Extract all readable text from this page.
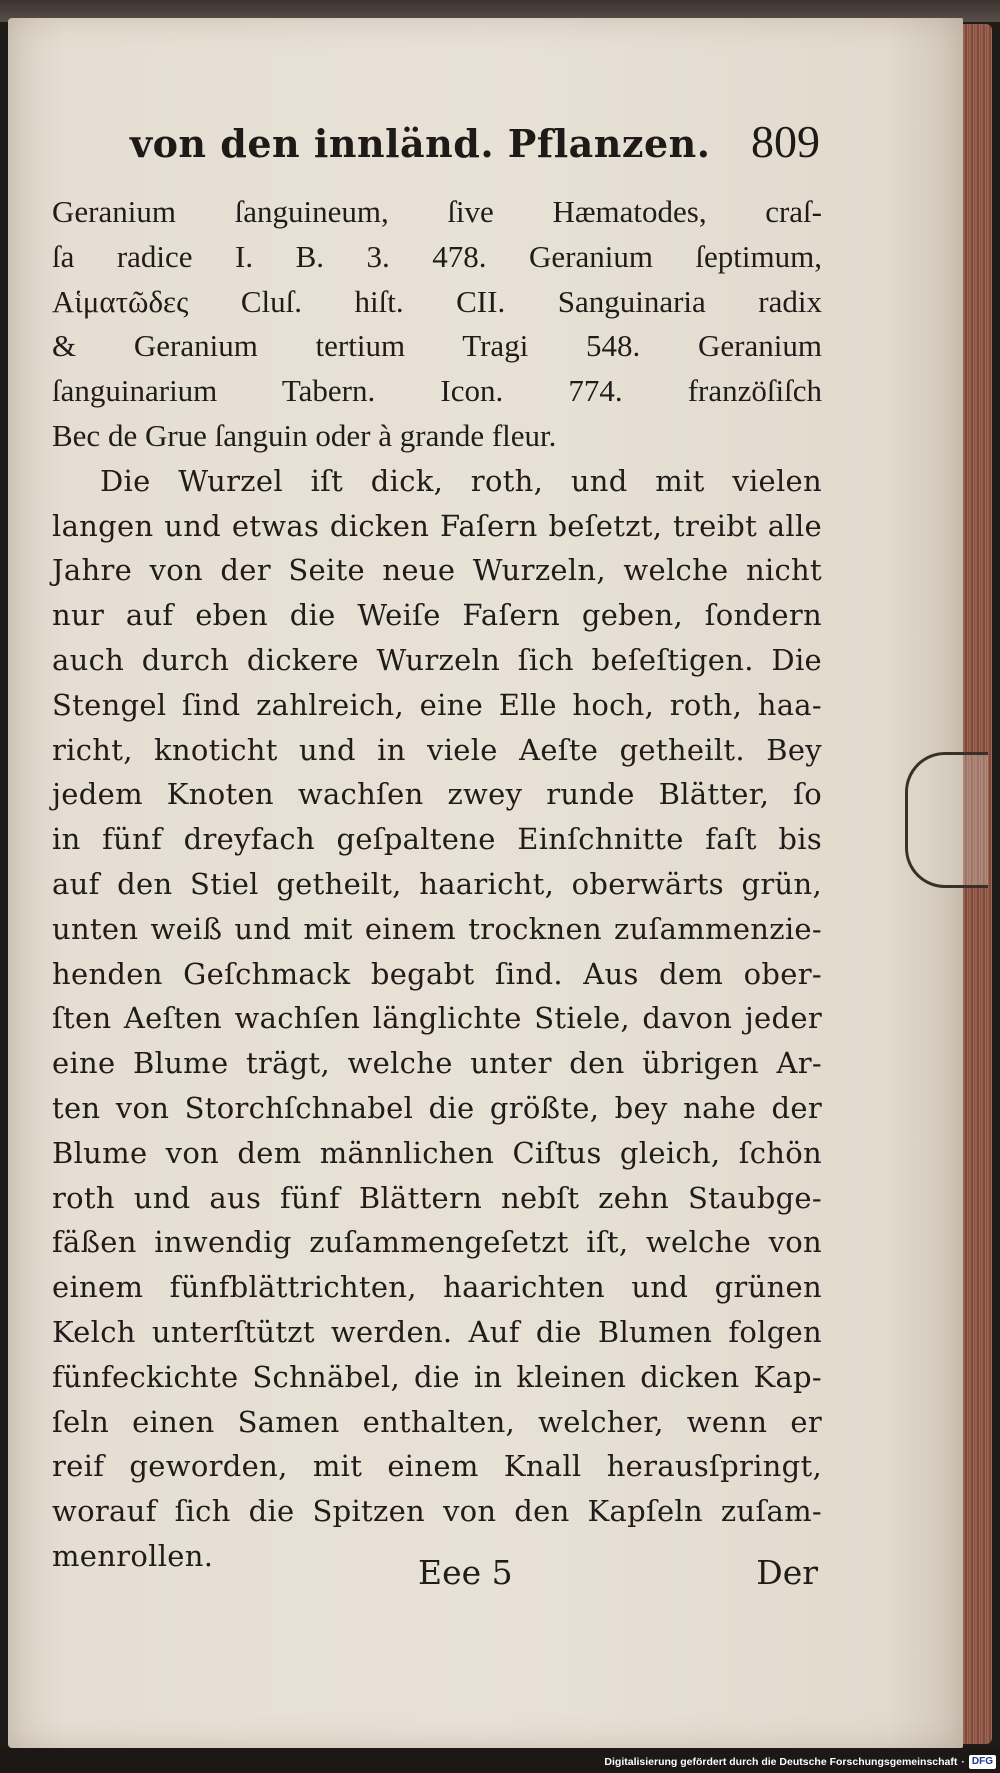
von den innländ. Pflanzen. 809
Geranium ſanguineum, ſive Hæmatodes, craſ-
ſa radice I. B. 3. 478. Geranium ſeptimum,
Αἱματῶδες Cluſ. hiſt. CII. Sanguinaria radix
& Geranium tertium Tragi 548. Geranium
ſanguinarium Tabern. Icon. 774. franzöſiſch
Bec de Grue ſanguin oder à grande fleur.
Die Wurzel iſt dick, roth, und mit vielen
langen und etwas dicken Faſern beſetzt, treibt alle
Jahre von der Seite neue Wurzeln, welche nicht
nur auf eben die Weiſe Faſern geben, ſondern
auch durch dickere Wurzeln ſich beſeſtigen. Die
Stengel ſind zahlreich, eine Elle hoch, roth, haa-
richt, knoticht und in viele Aeſte getheilt. Bey
jedem Knoten wachſen zwey runde Blätter, ſo
in fünf dreyfach geſpaltene Einſchnitte faſt bis
auf den Stiel getheilt, haaricht, oberwärts grün,
unten weiß und mit einem trocknen zuſammenzie-
henden Geſchmack begabt ſind. Aus dem ober-
ſten Aeſten wachſen länglichte Stiele, davon jeder
eine Blume trägt, welche unter den übrigen Ar-
ten von Storchſchnabel die größte, bey nahe der
Blume von dem männlichen Ciſtus gleich, ſchön
roth und aus fünf Blättern nebſt zehn Staubge-
fäßen inwendig zuſammengeſetzt iſt, welche von
einem fünfblättrichten, haarichten und grünen
Kelch unterſtützt werden. Auf die Blumen folgen
fünfeckichte Schnäbel, die in kleinen dicken Kap-
ſeln einen Samen enthalten, welcher, wenn er
reif geworden, mit einem Knall herausſpringt,
worauf ſich die Spitzen von den Kapſeln zuſam-
menrollen.	Eee 5	Der
Digitalisierung gefördert durch die Deutsche Forschungsgemeinschaft · DFG
